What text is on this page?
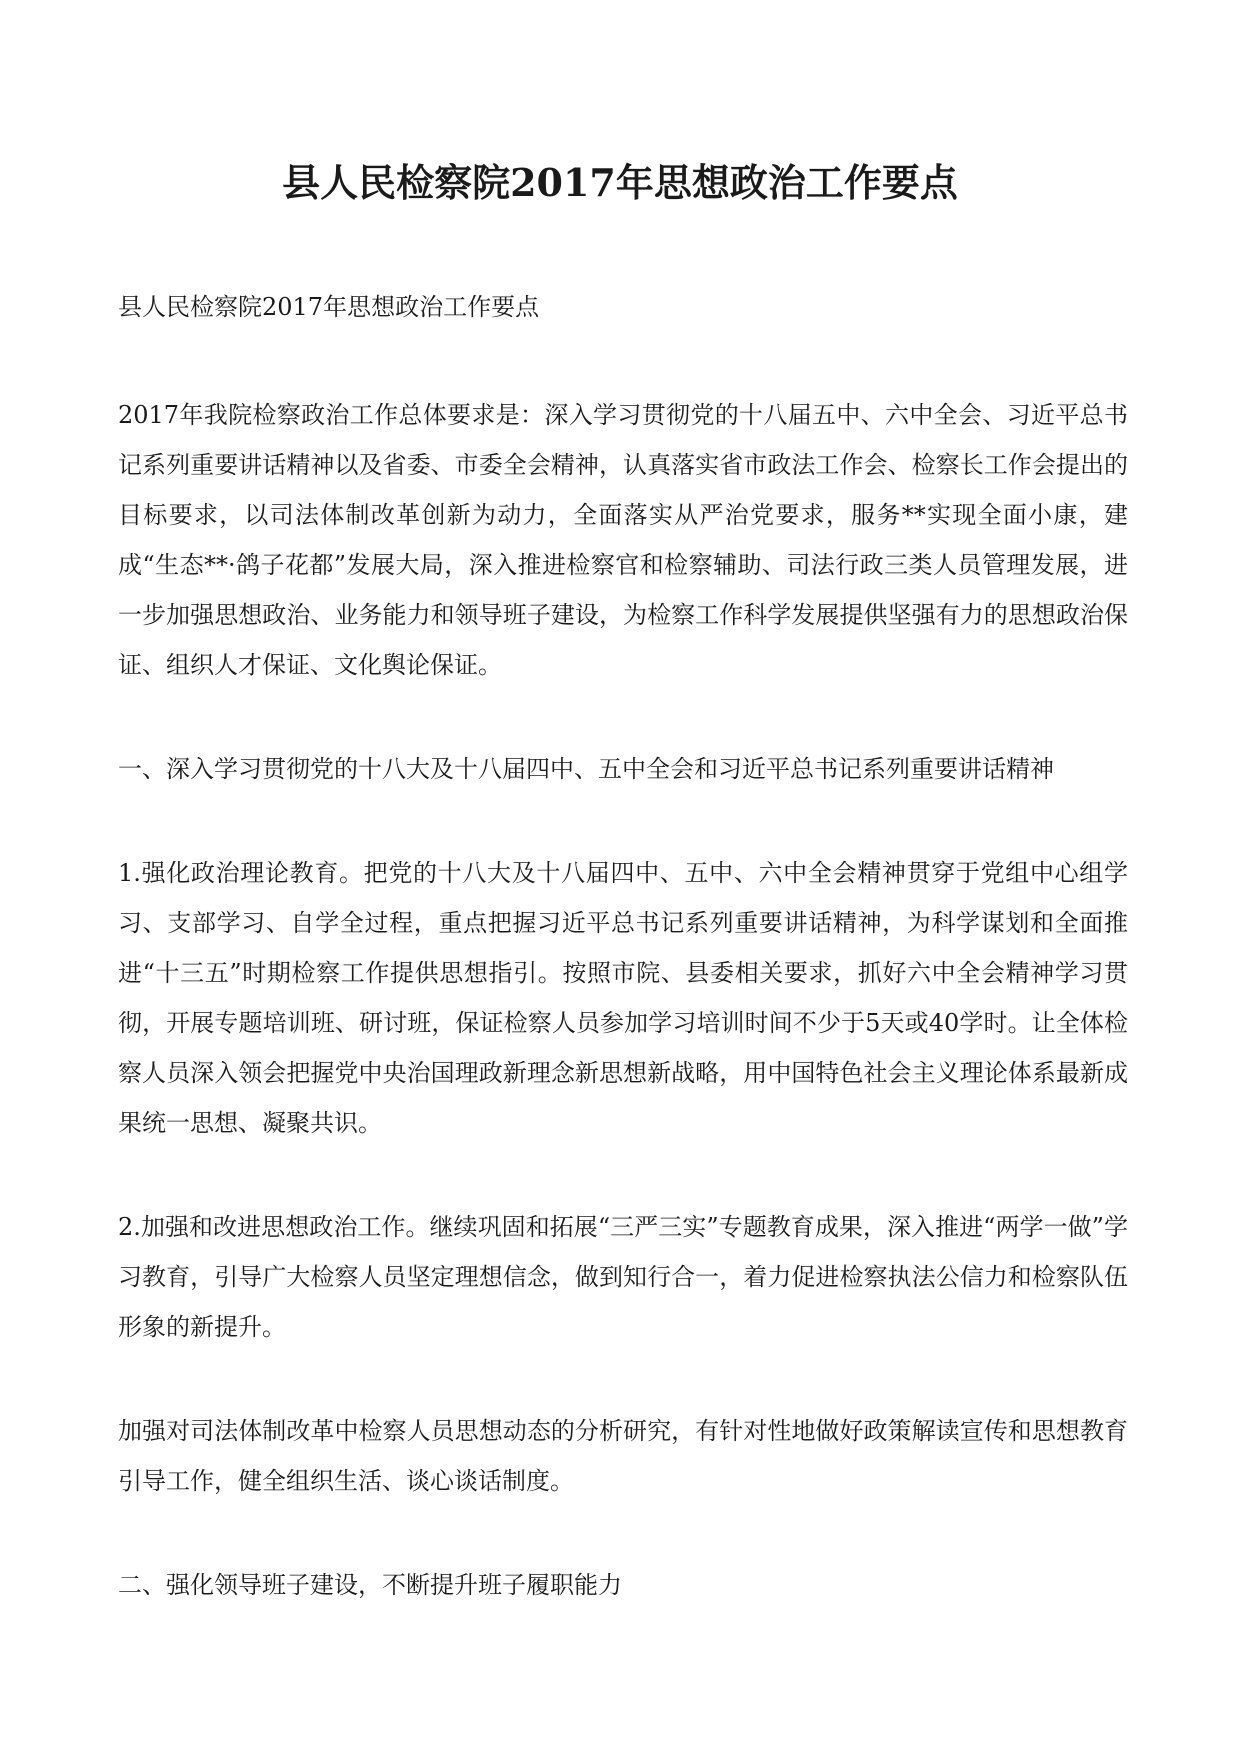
县人民检察院2017年思想政治工作要点

县人民检察院2017年思想政治工作要点

2017年我院检察政治工作总体要求是：深入学习贯彻党的十八届五中、六中全会、习近平总书记系列重要讲话精神以及省委、市委全会精神，认真落实省市政法工作会、检察长工作会提出的目标要求，以司法体制改革创新为动力，全面落实从严治党要求，服务**实现全面小康，建成“生态**·鸽子花都”发展大局，深入推进检察官和检察辅助、司法行政三类人员管理发展，进一步加强思想政治、业务能力和领导班子建设，为检察工作科学发展提供坚强有力的思想政治保证、组织人才保证、文化舆论保证。

一、深入学习贯彻党的十八大及十八届四中、五中全会和习近平总书记系列重要讲话精神

1.强化政治理论教育。把党的十八大及十八届四中、五中、六中全会精神贯穿于党组中心组学习、支部学习、自学全过程，重点把握习近平总书记系列重要讲话精神，为科学谋划和全面推进“十三五”时期检察工作提供思想指引。按照市院、县委相关要求，抓好六中全会精神学习贯彻，开展专题培训班、研讨班，保证检察人员参加学习培训时间不少于5天或40学时。让全体检察人员深入领会把握党中央治国理政新理念新思想新战略，用中国特色社会主义理论体系最新成果统一思想、凝聚共识。

2.加强和改进思想政治工作。继续巩固和拓展“三严三实”专题教育成果，深入推进“两学一做”学习教育，引导广大检察人员坚定理想信念，做到知行合一，着力促进检察执法公信力和检察队伍形象的新提升。

加强对司法体制改革中检察人员思想动态的分析研究，有针对性地做好政策解读宣传和思想教育引导工作，健全组织生活、谈心谈话制度。

二、强化领导班子建设，不断提升班子履职能力
